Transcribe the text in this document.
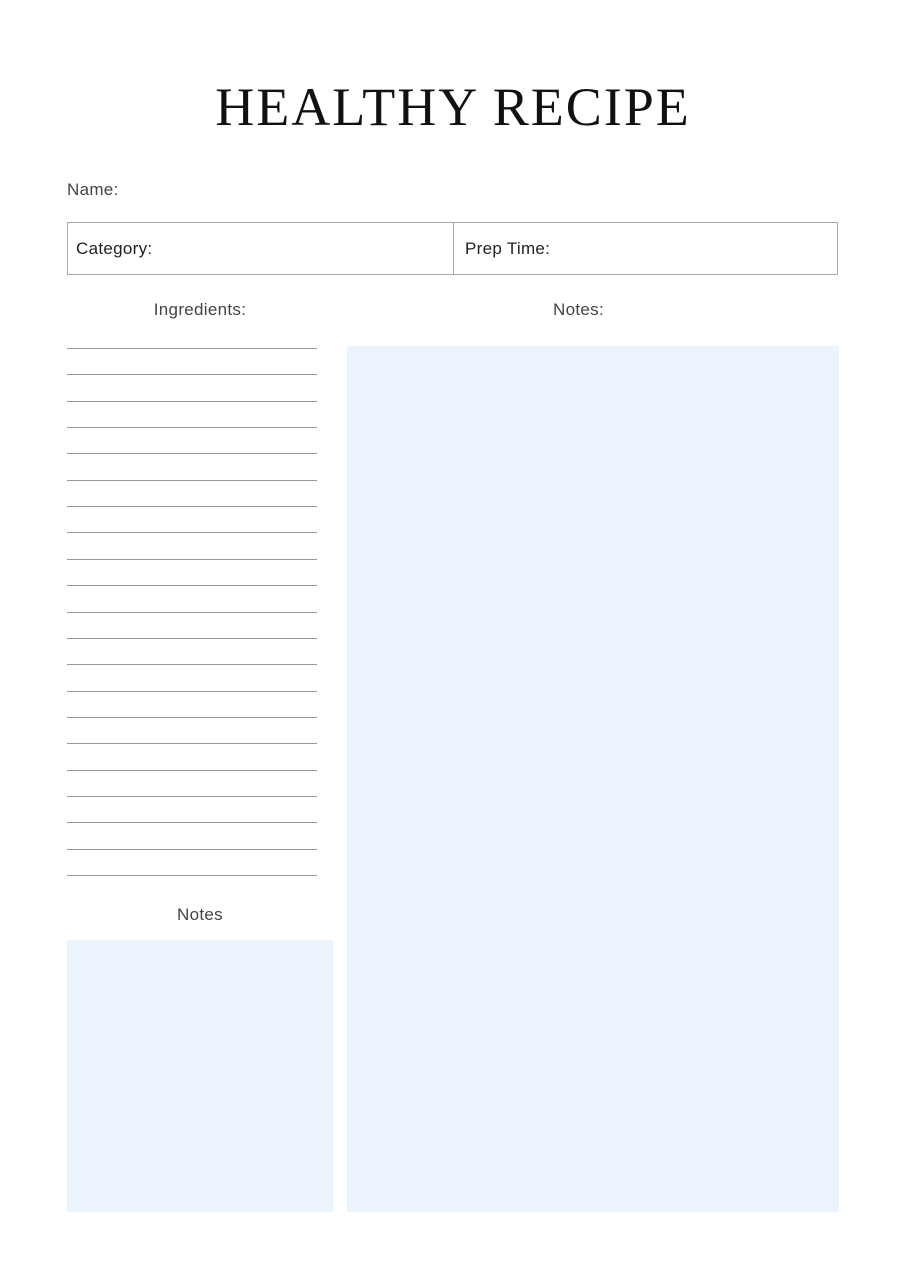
HEALTHY RECIPE
Name:
Category:	Prep Time:
Ingredients:	Notes:
Notes
